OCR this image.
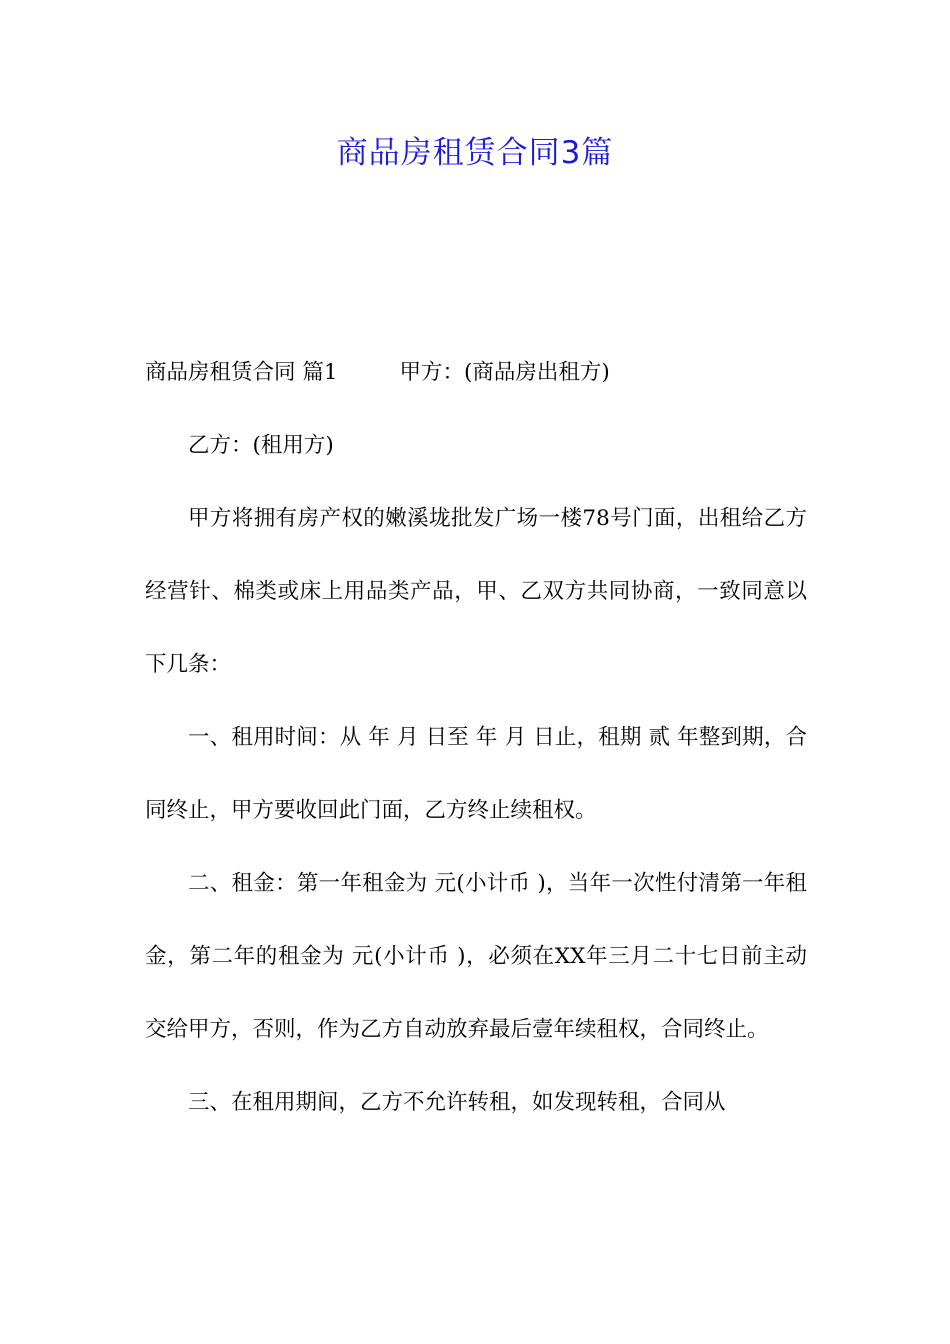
商品房租赁合同3篇

商品房租赁合同 篇1	甲方：(商品房出租方)

乙方：(租用方)

甲方将拥有房产权的嫩溪垅批发广场一楼78号门面，出租给乙方经营针、棉类或床上用品类产品，甲、乙双方共同协商，一致同意以下几条：

一、租用时间：从 年 月 日至 年 月 日止，租期 贰 年整到期，合同终止，甲方要收回此门面，乙方终止续租权。

二、租金：第一年租金为 元(小计币 )，当年一次性付清第一年租金，第二年的租金为 元(小计币 )，必须在XX年三月二十七日前主动交给甲方，否则，作为乙方自动放弃最后壹年续租权，合同终止。

三、在租用期间，乙方不允许转租，如发现转租，合同从
